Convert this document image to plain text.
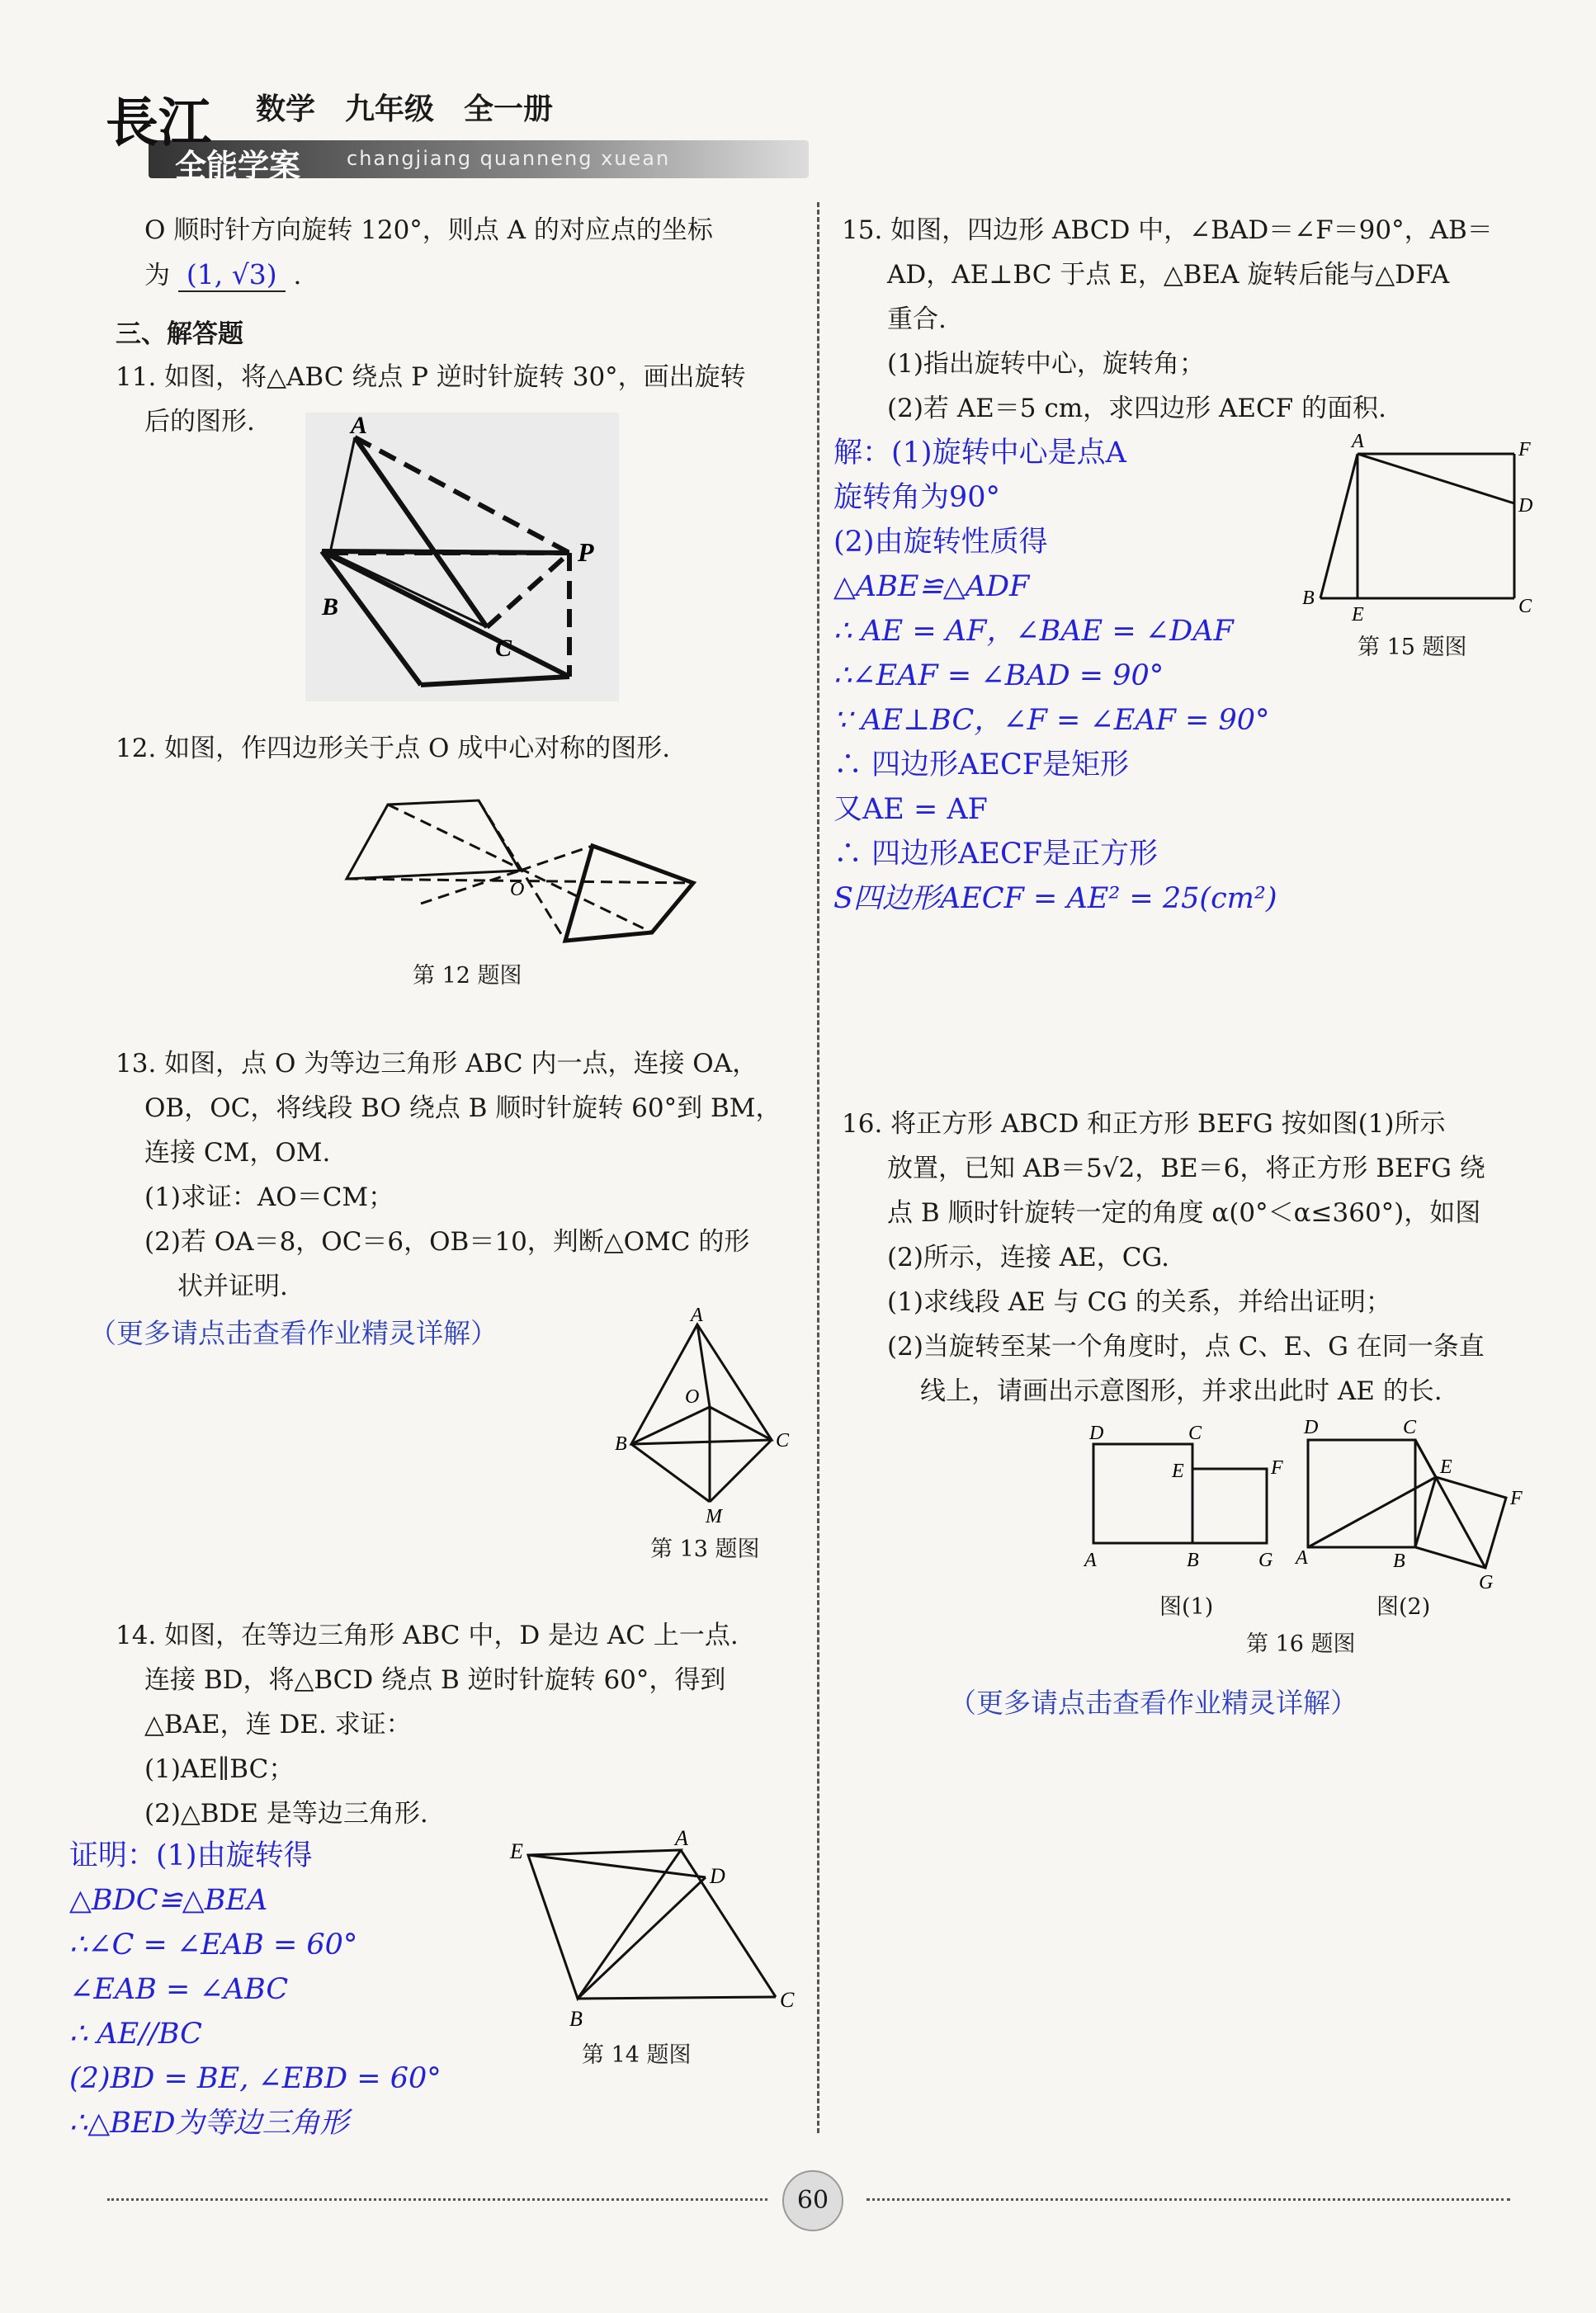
長江
全能学案
数学　九年级　全一册
changjiang quanneng xuean
O 顺时针方向旋转 120°，则点 A 的对应点的坐标
为 (1, √3) .
三、解答题
11. 如图，将△ABC 绕点 P 逆时针旋转 30°，画出旋转
后的图形.	A
B
C
P
12. 如图，作四边形关于点 O 成中心对称的图形.
O
第 12 题图
13. 如图，点 O 为等边三角形 ABC 内一点，连接 OA，
OB，OC，将线段 BO 绕点 B 顺时针旋转 60°到 BM，
连接 CM，OM.
(1)求证：AO＝CM；
(2)若 OA＝8，OC＝6，OB＝10，判断△OMC 的形
状并证明.
（更多请点击查看作业精灵详解）
A
O
B	C
M
第 13 题图
14. 如图，在等边三角形 ABC 中，D 是边 AC 上一点.
连接 BD，将△BCD 绕点 B 逆时针旋转 60°，得到
△BAE，连 DE. 求证：
(1)AE∥BC；
(2)△BDE 是等边三角形.
证明：(1)由旋转得
△BDC≌△BEA
∴∠C = ∠EAB = 60°
∠EAB = ∠ABC
∴ AE//BC
(2)BD = BE, ∠EBD = 60°
∴△BED为等边三角形
E
A
D
B
C
第 14 题图
15. 如图，四边形 ABCD 中，∠BAD＝∠F＝90°，AB＝
AD，AE⊥BC 于点 E，△BEA 旋转后能与△DFA
重合.
(1)指出旋转中心，旋转角；
(2)若 AE＝5 cm，求四边形 AECF 的面积.
解：(1)旋转中心是点A
旋转角为90°
(2)由旋转性质得
△ABE≌△ADF
∴ AE = AF，∠BAE = ∠DAF
∴∠EAF = ∠BAD = 90°
∵ AE⊥BC，∠F = ∠EAF = 90°
∴ 四边形AECF是矩形
又AE = AF
∴ 四边形AECF是正方形
S四边形AECF = AE² = 25(cm²)
A	F
D
B
E	C
第 15 题图
16. 将正方形 ABCD 和正方形 BEFG 按如图(1)所示
放置，已知 AB＝5√2，BE＝6，将正方形 BEFG 绕
点 B 顺时针旋转一定的角度 α(0°＜α≤360°)，如图
(2)所示，连接 AE，CG.
(1)求线段 AE 与 CG 的关系，并给出证明；
(2)当旋转至某一个角度时，点 C、E、G 在同一条直
线上，请画出示意图形，并求出此时 AE 的长.
D	C
E	F
A	B	G
D	C
E
F
A	B
G
图(1)	图(2)
第 16 题图
（更多请点击查看作业精灵详解）
60
